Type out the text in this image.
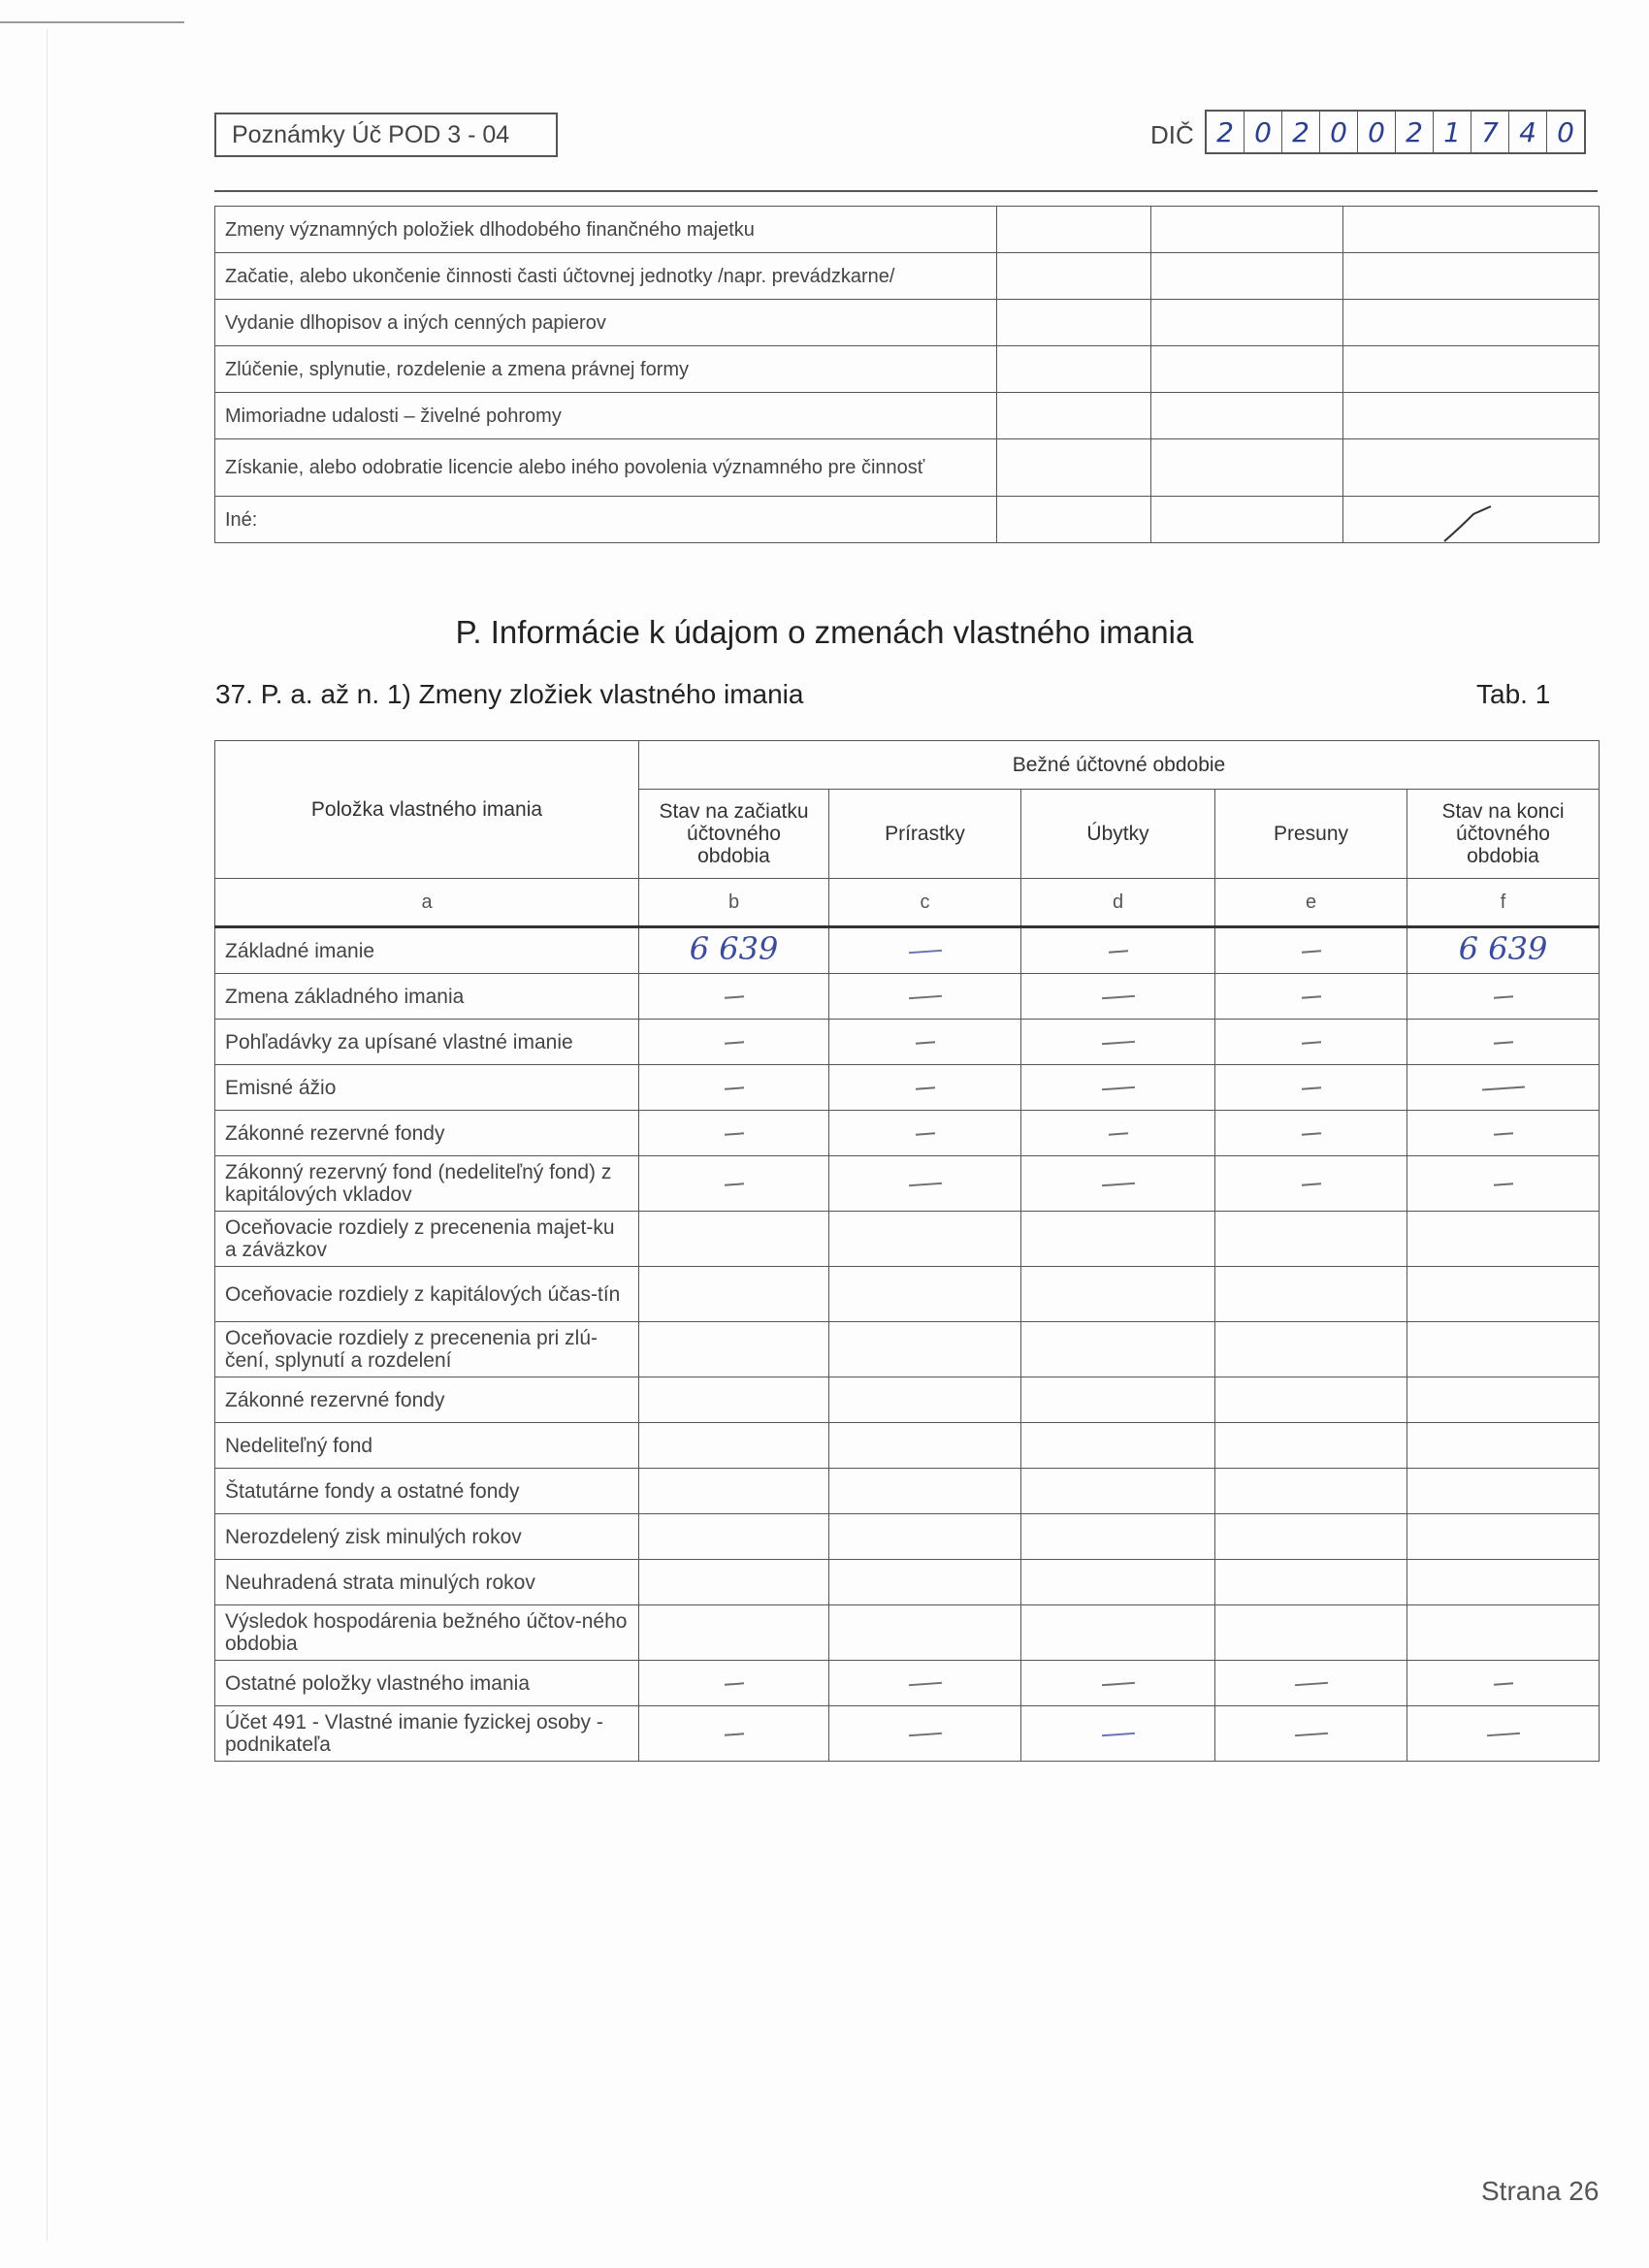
Poznámky Úč POD 3 - 04	DIČ 2 0 2 0 0 2 1 7 4 0
Zmeny významných položiek dlhodobého finančného majetku			
Začatie, alebo ukončenie činnosti časti účtovnej jednotky /napr. prevádzkarne/			
Vydanie dlhopisov a iných cenných papierov			
Zlúčenie, splynutie, rozdelenie a zmena právnej formy			
Mimoriadne udalosti – živelné pohromy			
Získanie, alebo odobratie licencie alebo iného povolenia významného pre činnosť			
Iné:			
P. Informácie k údajom o zmenách vlastného imania
37. P. a. až n. 1) Zmeny zložiek vlastného imania	Tab. 1
Položka vlastného imania	Bežné účtovné obdobie				
	Stav na začiatku účtovného obdobia	Prírastky	Úbytky	Presuny	Stav na konci účtovného obdobia
a	b	c	d	e	f
Základné imanie	6 639				6 639
Zmena základného imania					
Pohľadávky za upísané vlastné imanie					
Emisné ážio					
Zákonné rezervné fondy					
Zákonný rezervný fond (nedeliteľný fond) z kapitálových vkladov					
Oceňovacie rozdiely z precenenia majet-ku a záväzkov					
Oceňovacie rozdiely z kapitálových účas-tín					
Oceňovacie rozdiely z precenenia pri zlú-čení, splynutí a rozdelení					
Zákonné rezervné fondy					
Nedeliteľný fond					
Štatutárne fondy a ostatné fondy					
Nerozdelený zisk minulých rokov					
Neuhradená strata minulých rokov					
Výsledok hospodárenia bežného účtov-ného obdobia					
Ostatné položky vlastného imania					
Účet 491 - Vlastné imanie fyzickej osoby - podnikateľa					
Strana 26
